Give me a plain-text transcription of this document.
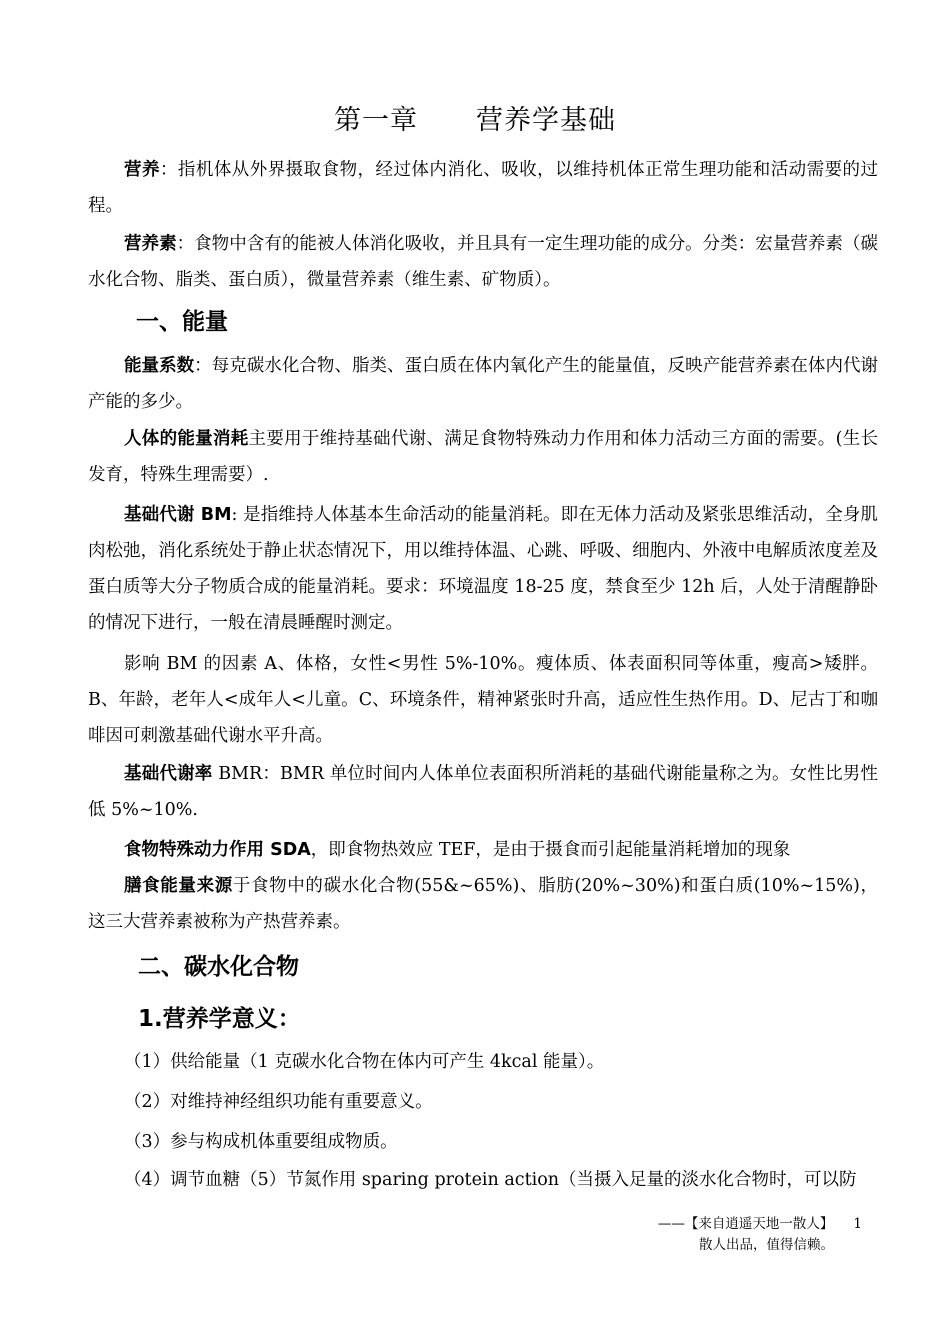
第一章 营养学基础

营养：指机体从外界摄取食物，经过体内消化、吸收，以维持机体正常生理功能和活动需要的过程。

营养素：食物中含有的能被人体消化吸收，并且具有一定生理功能的成分。分类：宏量营养素（碳水化合物、脂类、蛋白质），微量营养素（维生素、矿物质）。

一、能量

能量系数：每克碳水化合物、脂类、蛋白质在体内氧化产生的能量值，反映产能营养素在体内代谢产能的多少。

人体的能量消耗主要用于维持基础代谢、满足食物特殊动力作用和体力活动三方面的需要。(生长发育，特殊生理需要）.

基础代谢 BM: 是指维持人体基本生命活动的能量消耗。即在无体力活动及紧张思维活动，全身肌肉松弛，消化系统处于静止状态情况下，用以维持体温、心跳、呼吸、细胞内、外液中电解质浓度差及蛋白质等大分子物质合成的能量消耗。要求：环境温度 18-25 度，禁食至少 12h 后，人处于清醒静卧的情况下进行，一般在清晨睡醒时测定。

影响 BM 的因素 A、体格，女性<男性 5%-10%。瘦体质、体表面积同等体重，瘦高>矮胖。B、年龄，老年人<成年人<儿童。C、环境条件，精神紧张时升高，适应性生热作用。D、尼古丁和咖啡因可刺激基础代谢水平升高。

基础代谢率 BMR：BMR 单位时间内人体单位表面积所消耗的基础代谢能量称之为。女性比男性低 5%~10%.

食物特殊动力作用 SDA，即食物热效应 TEF，是由于摄食而引起能量消耗增加的现象

膳食能量来源于食物中的碳水化合物(55&~65%)、脂肪(20%~30%)和蛋白质(10%~15%)，这三大营养素被称为产热营养素。

二、碳水化合物
1.营养学意义：
（1）供给能量（1 克碳水化合物在体内可产生 4kcal 能量）。
（2）对维持神经组织功能有重要意义。
（3）参与构成机体重要组成物质。
（4）调节血糖（5）节氮作用 sparing protein action（当摄入足量的淡水化合物时，可以防
——【来自逍遥天地一散人】 1
散人出品，值得信赖。
